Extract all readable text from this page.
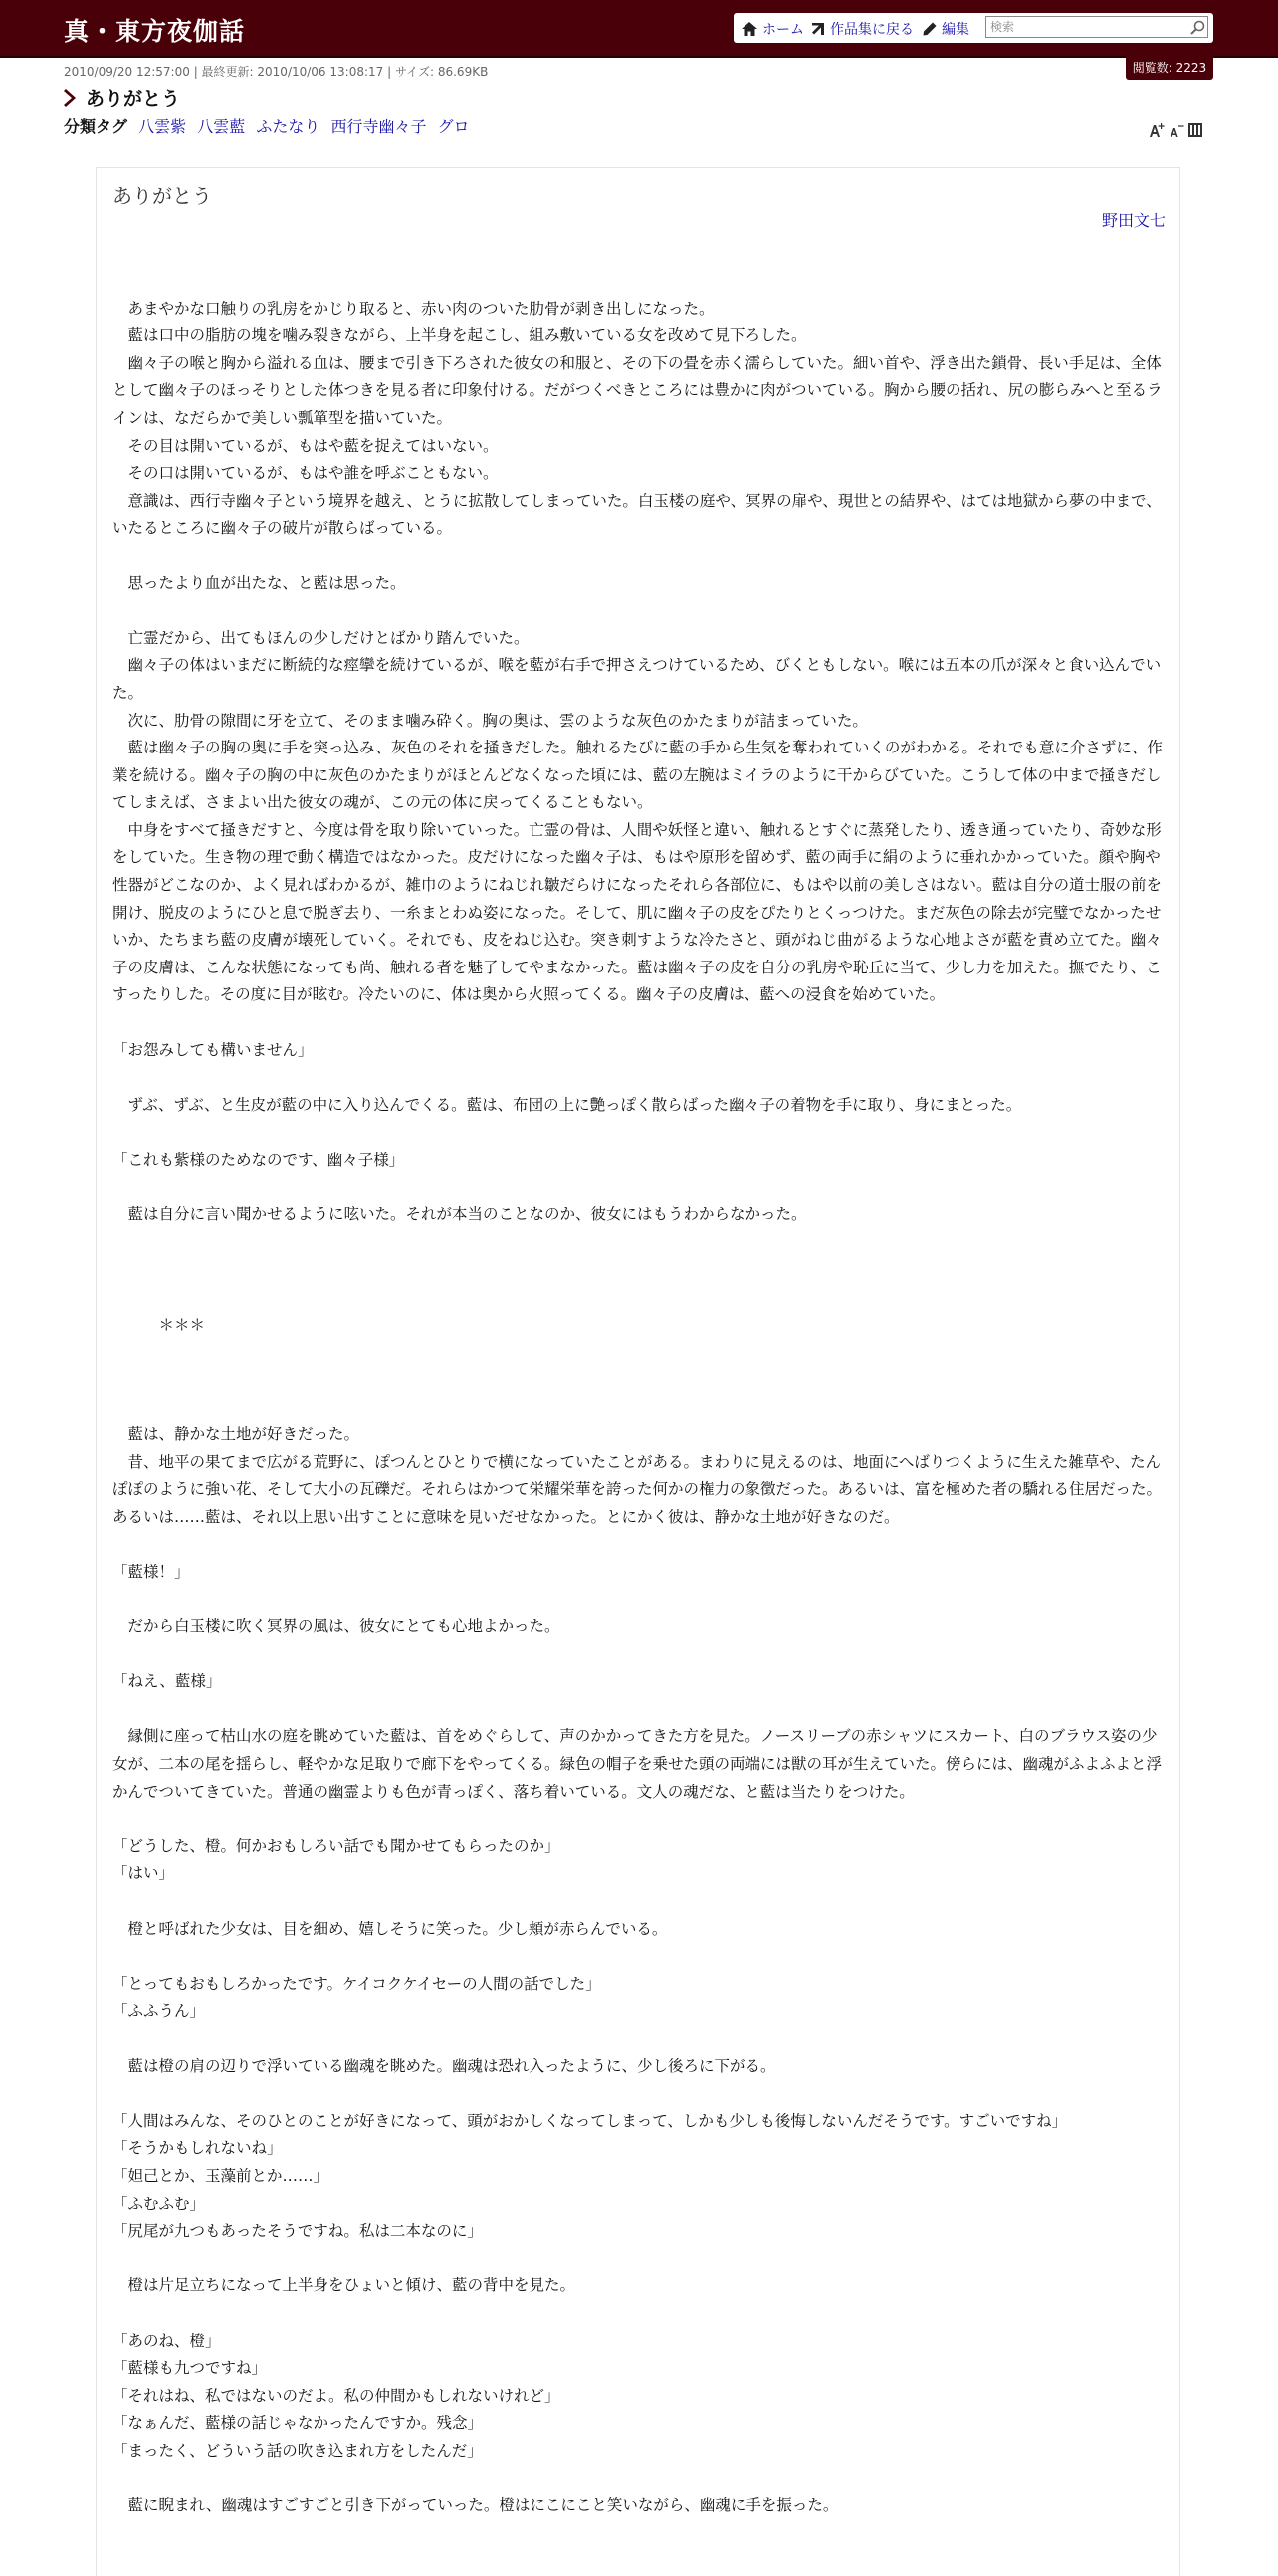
真・東方夜伽話	ホーム 作品集に戻る 編集
検索
2010/09/20 12:57:00 | 最終更新: 2010/10/06 13:08:17 | サイズ: 86.69KB	閲覧数: 2223
ありがとう
分類タグ 八雲紫 八雲藍 ふたなり 西行寺幽々子 グロ
ありがとう
野田文七

　あまやかな口触りの乳房をかじり取ると、赤い肉のついた肋骨が剥き出しになった。

　藍は口中の脂肪の塊を噛み裂きながら、上半身を起こし、組み敷いている女を改めて見下ろした。

　幽々子の喉と胸から溢れる血は、腰まで引き下ろされた彼女の和服と、その下の畳を赤く濡らしていた。細い首や、浮き出た鎖骨、長い手足は、全体として幽々子のほっそりとした体つきを見る者に印象付ける。だがつくべきところには豊かに肉がついている。胸から腰の括れ、尻の膨らみへと至るラインは、なだらかで美しい瓢箪型を描いていた。

　その目は開いているが、もはや藍を捉えてはいない。

　その口は開いているが、もはや誰を呼ぶこともない。

　意識は、西行寺幽々子という境界を越え、とうに拡散してしまっていた。白玉楼の庭や、冥界の扉や、現世との結界や、はては地獄から夢の中まで、いたるところに幽々子の破片が散らばっている。

　思ったより血が出たな、と藍は思った。

　亡霊だから、出てもほんの少しだけとばかり踏んでいた。

　幽々子の体はいまだに断続的な痙攣を続けているが、喉を藍が右手で押さえつけているため、びくともしない。喉には五本の爪が深々と食い込んでいた。

　次に、肋骨の隙間に牙を立て、そのまま噛み砕く。胸の奥は、雲のような灰色のかたまりが詰まっていた。

　藍は幽々子の胸の奥に手を突っ込み、灰色のそれを掻きだした。触れるたびに藍の手から生気を奪われていくのがわかる。それでも意に介さずに、作業を続ける。幽々子の胸の中に灰色のかたまりがほとんどなくなった頃には、藍の左腕はミイラのように干からびていた。こうして体の中まで掻きだしてしまえば、さまよい出た彼女の魂が、この元の体に戻ってくることもない。

　中身をすべて掻きだすと、今度は骨を取り除いていった。亡霊の骨は、人間や妖怪と違い、触れるとすぐに蒸発したり、透き通っていたり、奇妙な形をしていた。生き物の理で動く構造ではなかった。皮だけになった幽々子は、もはや原形を留めず、藍の両手に絹のように垂れかかっていた。顔や胸や性器がどこなのか、よく見ればわかるが、雑巾のようにねじれ皺だらけになったそれら各部位に、もはや以前の美しさはない。藍は自分の道士服の前を開け、脱皮のようにひと息で脱ぎ去り、一糸まとわぬ姿になった。そして、肌に幽々子の皮をぴたりとくっつけた。まだ灰色の除去が完璧でなかったせいか、たちまち藍の皮膚が壊死していく。それでも、皮をねじ込む。突き刺すような冷たさと、頭がねじ曲がるような心地よさが藍を責め立てた。幽々子の皮膚は、こんな状態になっても尚、触れる者を魅了してやまなかった。藍は幽々子の皮を自分の乳房や恥丘に当て、少し力を加えた。撫でたり、こすったりした。その度に目が眩む。冷たいのに、体は奥から火照ってくる。幽々子の皮膚は、藍への浸食を始めていた。

「お怨みしても構いません」

　ずぶ、ずぶ、と生皮が藍の中に入り込んでくる。藍は、布団の上に艶っぽく散らばった幽々子の着物を手に取り、身にまとった。

「これも紫様のためなのです、幽々子様」

　藍は自分に言い聞かせるように呟いた。それが本当のことなのか、彼女にはもうわからなかった。

　　　＊＊＊

　藍は、静かな土地が好きだった。

　昔、地平の果てまで広がる荒野に、ぽつんとひとりで横になっていたことがある。まわりに見えるのは、地面にへばりつくように生えた雑草や、たんぽぽのように強い花、そして大小の瓦礫だ。それらはかつて栄耀栄華を誇った何かの権力の象徴だった。あるいは、富を極めた者の驕れる住居だった。あるいは……藍は、それ以上思い出すことに意味を見いだせなかった。とにかく彼は、静かな土地が好きなのだ。

「藍様！」

　だから白玉楼に吹く冥界の風は、彼女にとても心地よかった。

「ねえ、藍様」

　縁側に座って枯山水の庭を眺めていた藍は、首をめぐらして、声のかかってきた方を見た。ノースリーブの赤シャツにスカート、白のブラウス姿の少女が、二本の尾を揺らし、軽やかな足取りで廊下をやってくる。緑色の帽子を乗せた頭の両端には獣の耳が生えていた。傍らには、幽魂がふよふよと浮かんでついてきていた。普通の幽霊よりも色が青っぽく、落ち着いている。文人の魂だな、と藍は当たりをつけた。

「どうした、橙。何かおもしろい話でも聞かせてもらったのか」

「はい」

　橙と呼ばれた少女は、目を細め、嬉しそうに笑った。少し頬が赤らんでいる。

「とってもおもしろかったです。ケイコクケイセーの人間の話でした」

「ふふうん」

　藍は橙の肩の辺りで浮いている幽魂を眺めた。幽魂は恐れ入ったように、少し後ろに下がる。

「人間はみんな、そのひとのことが好きになって、頭がおかしくなってしまって、しかも少しも後悔しないんだそうです。すごいですね」

「そうかもしれないね」

「妲己とか、玉藻前とか……」

「ふむふむ」

「尻尾が九つもあったそうですね。私は二本なのに」

　橙は片足立ちになって上半身をひょいと傾け、藍の背中を見た。

「あのね、橙」

「藍様も九つですね」

「それはね、私ではないのだよ。私の仲間かもしれないけれど」

「なぁんだ、藍様の話じゃなかったんですか。残念」

「まったく、どういう話の吹き込まれ方をしたんだ」

　藍に睨まれ、幽魂はすごすごと引き下がっていった。橙はにこにこと笑いながら、幽魂に手を振った。
